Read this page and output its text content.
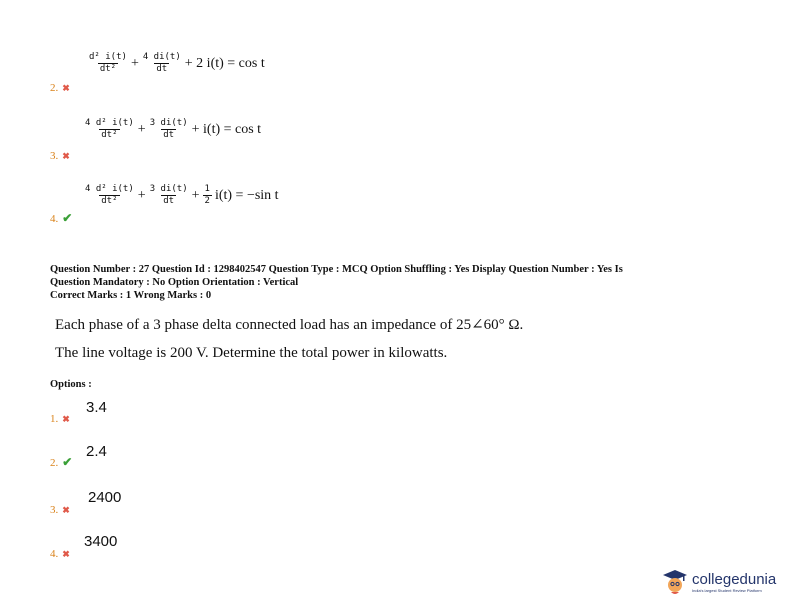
$\frac{\text{d² i(t)}}{\text{dt²}} + \frac{4 di(t)}{dt} + 2$ i(t) = cos t
2. ✖
$\frac{\text{4 d² i(t)}}{\text{dt²}} + \frac{3 di(t)}{dt} + i(t) = \cos t$
3. ✖
$\frac{\text{4 d² i(t)}}{\text{dt²}} + \frac{3 di(t)}{dt} + \frac{1}{2} i(t) = -\sin$ t
4. ✔
Question Number : 27 Question Id : 1298402547 Question Type : MCQ Option Shuffling : Yes Display Question Number : Yes Is
Question Mandatory : No Option Orientation : Vertical
Correct Marks : 1 Wrong Marks : 0
Each phase of a 3 phase delta connected load has an impedance of 25∠60° Ω.
The line voltage is 200 V. Determine the total power in kilowatts.
Options :
1. ✖
3.4
2. ✔
2.4
3. ✖
2400
4. ✖
3400
collegedunia
India's largest Student Review Platform
